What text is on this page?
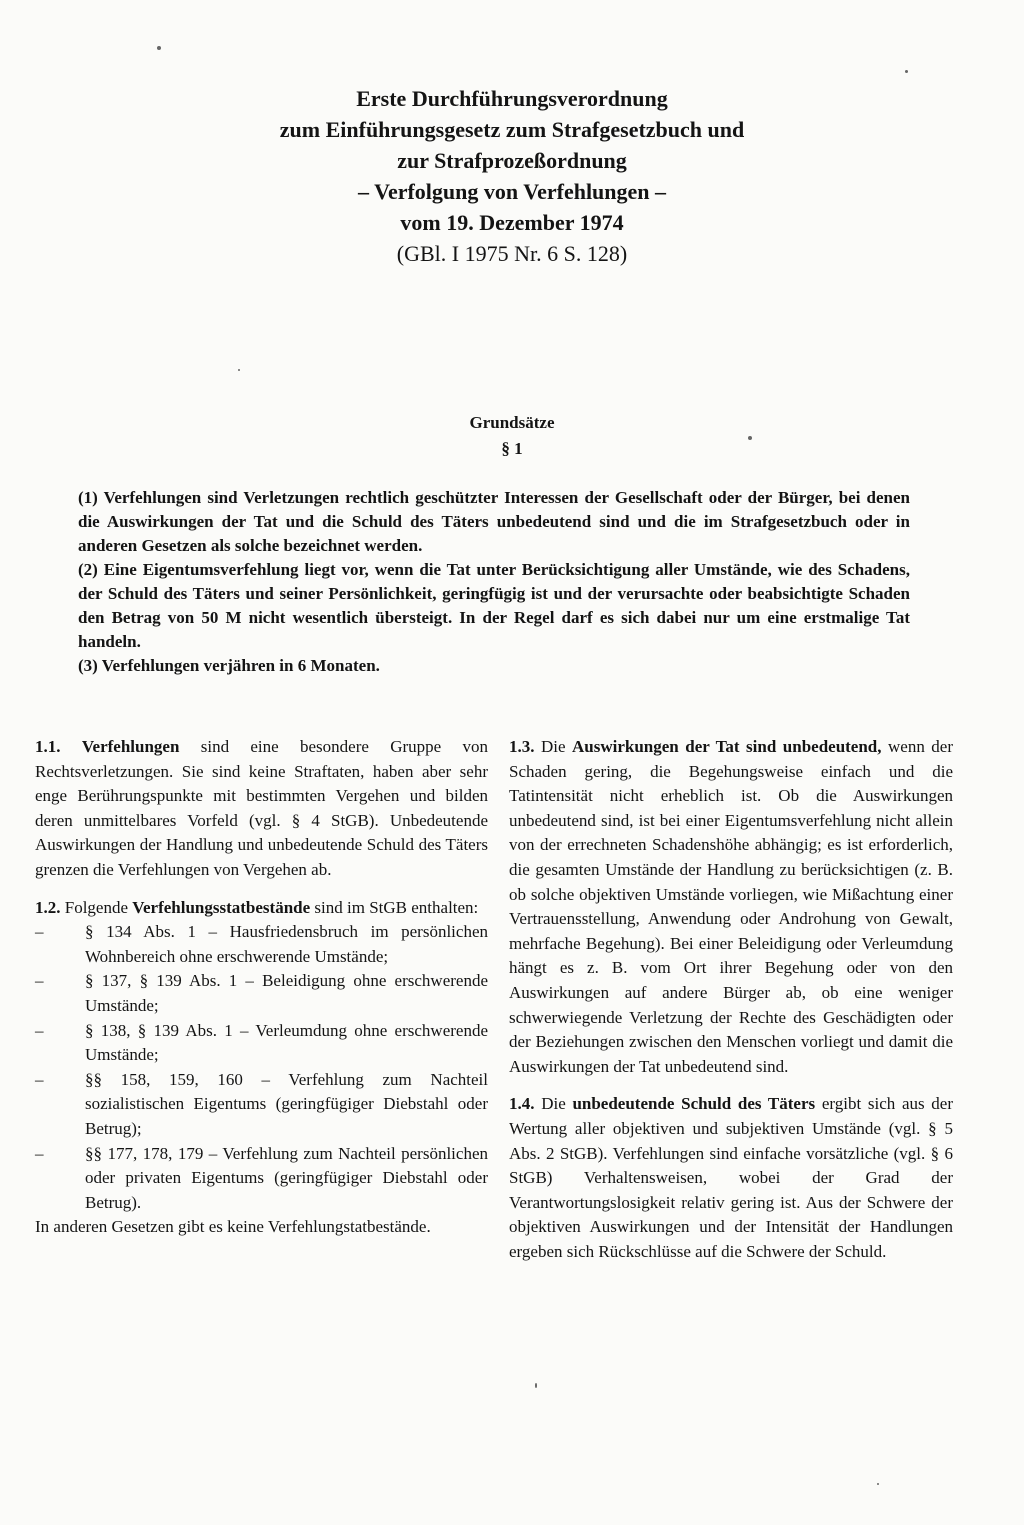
Erste Durchführungsverordnung
zum Einführungsgesetz zum Strafgesetzbuch und
zur Strafprozeßordnung
– Verfolgung von Verfehlungen –
vom 19. Dezember 1974
(GBl. I 1975 Nr. 6 S. 128)
Grundsätze
§ 1

(1) Verfehlungen sind Verletzungen rechtlich geschützter Interessen der Gesellschaft oder der Bürger, bei denen die Auswirkungen der Tat und die Schuld des Täters unbedeutend sind und die im Strafgesetzbuch oder in anderen Gesetzen als solche bezeichnet werden.

(2) Eine Eigentumsverfehlung liegt vor, wenn die Tat unter Berücksichtigung aller Umstände, wie des Schadens, der Schuld des Täters und seiner Persönlichkeit, geringfügig ist und der verursachte oder beabsichtigte Schaden den Betrag von 50 M nicht wesentlich übersteigt. In der Regel darf es sich dabei nur um eine erstmalige Tat handeln.

(3) Verfehlungen verjähren in 6 Monaten.

1.1. Verfehlungen sind eine besondere Gruppe von Rechtsverletzungen. Sie sind keine Straftaten, haben aber sehr enge Berührungspunkte mit bestimmten Vergehen und bilden deren unmittelbares Vorfeld (vgl. § 4 StGB). Unbedeutende Auswirkungen der Handlung und unbedeutende Schuld des Täters grenzen die Verfehlungen von Vergehen ab.

1.2. Folgende Verfehlungsstatbestände sind im StGB enthalten:

– § 134 Abs. 1 – Hausfriedensbruch im persönlichen Wohnbereich ohne erschwerende Umstände;
– § 137, § 139 Abs. 1 – Beleidigung ohne erschwerende Umstände;
– § 138, § 139 Abs. 1 – Verleumdung ohne erschwerende Umstände;
– §§ 158, 159, 160 – Verfehlung zum Nachteil sozialistischen Eigentums (geringfügiger Diebstahl oder Betrug);
– §§ 177, 178, 179 – Verfehlung zum Nachteil persönlichen oder privaten Eigentums (geringfügiger Diebstahl oder Betrug).

In anderen Gesetzen gibt es keine Verfehlungstatbestände.

1.3. Die Auswirkungen der Tat sind unbedeutend, wenn der Schaden gering, die Begehungsweise einfach und die Tatintensität nicht erheblich ist. Ob die Auswirkungen unbedeutend sind, ist bei einer Eigentumsverfehlung nicht allein von der errechneten Schadenshöhe abhängig; es ist erforderlich, die gesamten Umstände der Handlung zu berücksichtigen (z. B. ob solche objektiven Umstände vorliegen, wie Mißachtung einer Vertrauensstellung, Anwendung oder Androhung von Gewalt, mehrfache Begehung). Bei einer Beleidigung oder Verleumdung hängt es z. B. vom Ort ihrer Begehung oder von den Auswirkungen auf andere Bürger ab, ob eine weniger schwerwiegende Verletzung der Rechte des Geschädigten oder der Beziehungen zwischen den Menschen vorliegt und damit die Auswirkungen der Tat unbedeutend sind.

1.4. Die unbedeutende Schuld des Täters ergibt sich aus der Wertung aller objektiven und subjektiven Umstände (vgl. § 5 Abs. 2 StGB). Verfehlungen sind einfache vorsätzliche (vgl. § 6 StGB) Verhaltensweisen, wobei der Grad der Verantwortungslosigkeit relativ gering ist. Aus der Schwere der objektiven Auswirkungen und der Intensität der Handlungen ergeben sich Rückschlüsse auf die Schwere der Schuld.
